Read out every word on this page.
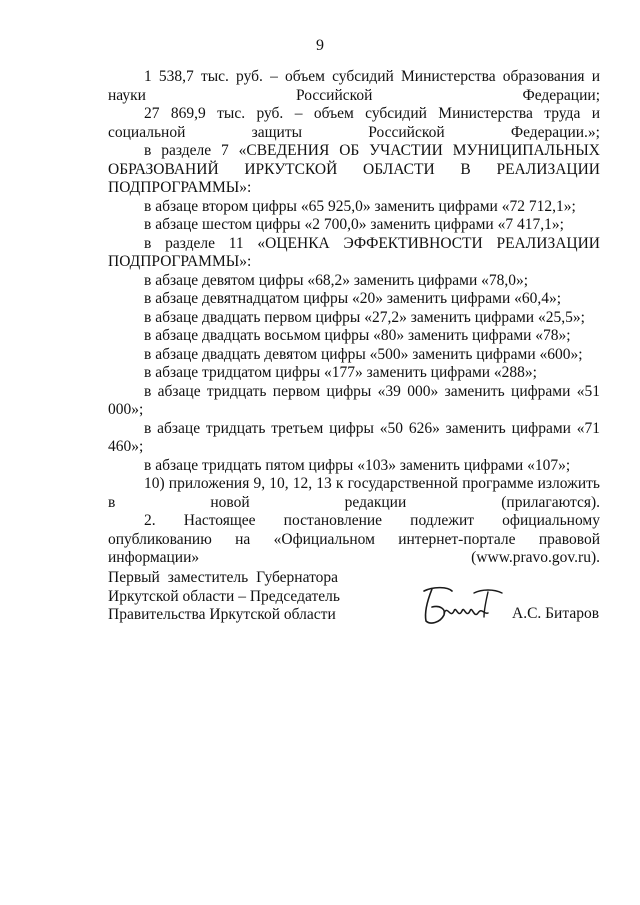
9

1 538,7 тыс. руб. – объем субсидий Министерства образования и науки Российской Федерации;

27 869,9 тыс. руб. – объем субсидий Министерства труда и социальной защиты Российской Федерации.»;

в разделе 7 «СВЕДЕНИЯ ОБ УЧАСТИИ МУНИЦИПАЛЬНЫХ ОБРАЗОВАНИЙ ИРКУТСКОЙ ОБЛАСТИ В РЕАЛИЗАЦИИ ПОДПРОГРАММЫ»:

в абзаце втором цифры «65 925,0» заменить цифрами «72 712,1»;

в абзаце шестом цифры «2 700,0» заменить цифрами «7 417,1»;

в разделе 11 «ОЦЕНКА ЭФФЕКТИВНОСТИ РЕАЛИЗАЦИИ ПОДПРОГРАММЫ»:

в абзаце девятом цифры «68,2» заменить цифрами «78,0»;

в абзаце девятнадцатом цифры «20» заменить цифрами «60,4»;

в абзаце двадцать первом цифры «27,2» заменить цифрами «25,5»;

в абзаце двадцать восьмом цифры «80» заменить цифрами «78»;

в абзаце двадцать девятом цифры «500» заменить цифрами «600»;

в абзаце тридцатом цифры «177» заменить цифрами «288»;

в абзаце тридцать первом цифры «39 000» заменить цифрами «51 000»;

в абзаце тридцать третьем цифры «50 626» заменить цифрами «71 460»;

в абзаце тридцать пятом цифры «103» заменить цифрами «107»;

10) приложения 9, 10, 12, 13 к государственной программе изложить в новой редакции (прилагаются).

2. Настоящее постановление подлежит официальному опубликованию на «Официальном интернет-портале правовой информации» (www.pravo.gov.ru).

Первый заместитель Губернатора
Иркутской области – Председатель
Правительства Иркутской области	А.С. Битаров
